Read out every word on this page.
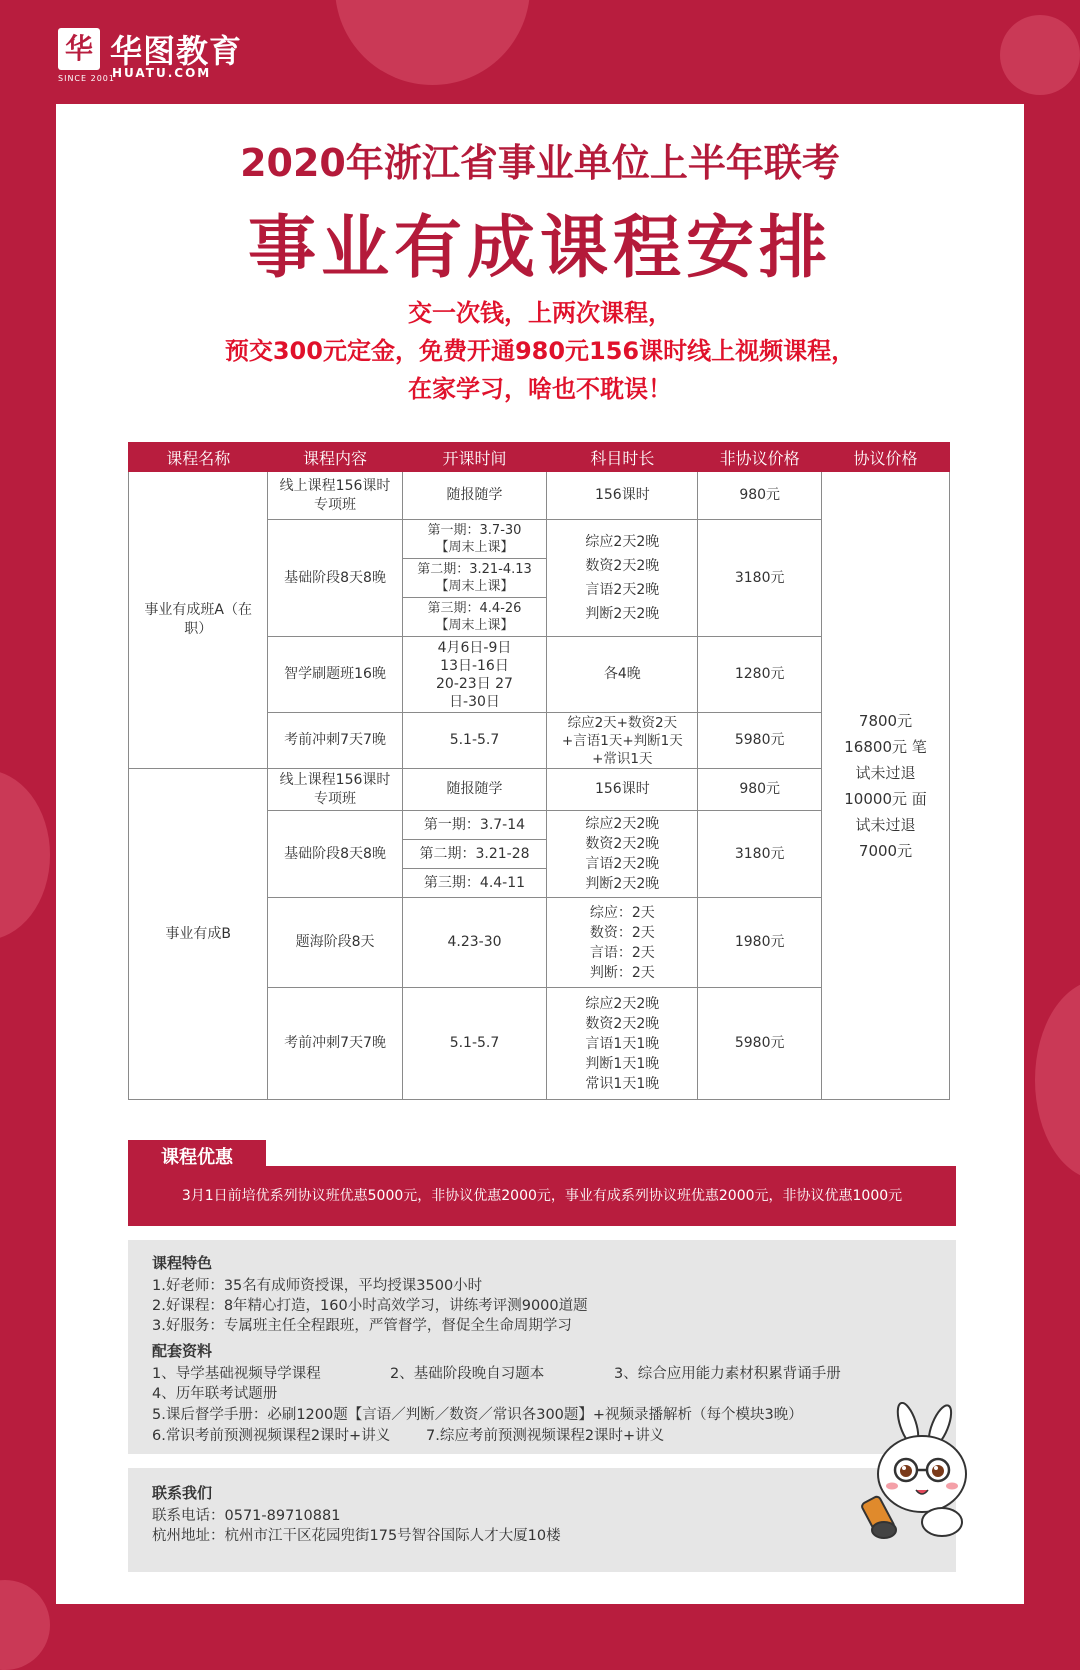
华
SINCE 2001
华图教育
HUATU.COM
2020年浙江省事业单位上半年联考
事业有成课程安排
交一次钱，上两次课程，
预交300元定金，免费开通980元156课时线上视频课程，
在家学习，啥也不耽误！
课程名称	课程内容	开课时间	科目时长	非协议价格	协议价格

事业有成班A（在职）	线上课程156课时专项班	随报随学	156课时	980元	7800元 16800元 笔试未过退10000元 面试未过退7000元

	基础阶段8天8晚	第一期：3.7-30【周末上课】	综应2天2晚 数资2天2晚 言语2天2晚 判断2天2晚	3180元	

		第二期：3.21-4.13【周末上课】			

		第三期：4.4-26【周末上课】			

	智学刷题班16晚	4月6日-9日 13日-16日 20-23日 27日-30日	各4晚	1280元	
	考前冲刺7天7晚	5.1-5.7	综应2天+数资2天+言语1天+判断1天+常识1天	5980元	
事业有成B	线上课程156课时专项班	随报随学	156课时	980元	
	基础阶段8天8晚	第一期：3.7-14	综应2天2晚 数资2天2晚 言语2天2晚 判断2天2晚	3180元	
		第二期：3.21-28			
		第三期：4.4-11			
	题海阶段8天	4.23-30	综应：2天 数资：2天 言语：2天 判断：2天	1980元	
	考前冲刺7天7晚	5.1-5.7	综应2天2晚 数资2天2晚 言语1天1晚 判断1天1晚 常识1天1晚	5980元	
3月1日前培优系列协议班优惠5000元，非协议优惠2000元，事业有成系列协议班优惠2000元，非协议优惠1000元
课程优惠
课程特色
1.好老师：35名有成师资授课，平均授课3500小时
2.好课程：8年精心打造，160小时高效学习，讲练考评测9000道题
3.好服务：专属班主任全程跟班，严管督学，督促全生命周期学习
配套资料
1、导学基础视频导学课程	2、基础阶段晚自习题本	3、综合应用能力素材积累背诵手册
4、历年联考试题册
5.课后督学手册：必刷1200题【言语／判断／数资／常识各300题】+视频录播解析（每个模块3晚）
6.常识考前预测视频课程2课时+讲义 7.综应考前预测视频课程2课时+讲义
联系我们
联系电话：0571-89710881
杭州地址：杭州市江干区花园兜街175号智谷国际人才大厦10楼
